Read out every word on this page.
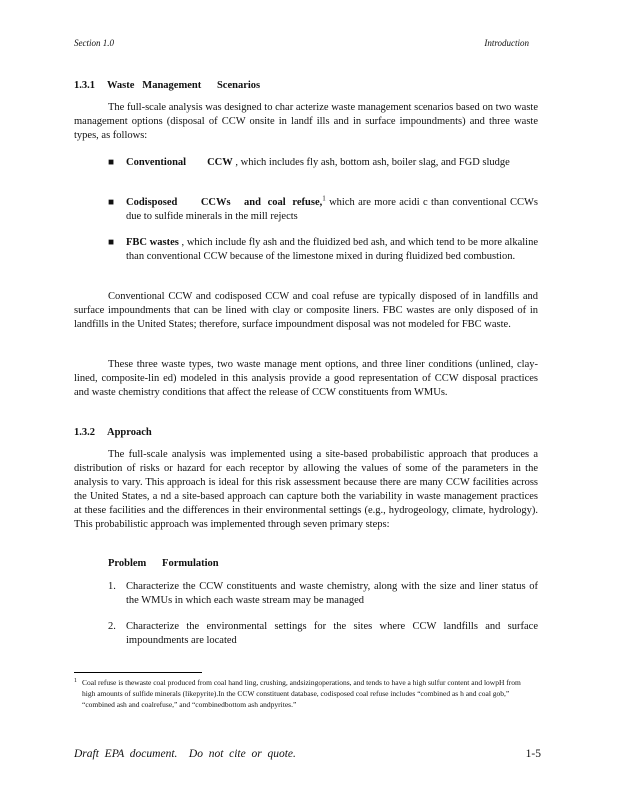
Section 1.0	Introduction
1.3.1 Waste   Management      Scenarios

The full-scale analysis was designed to char acterize waste management scenarios based on two waste management options (disposal of CCW onsite in landf ills and in surface impoundments) and three waste types, as follows:

■	Conventional        CCW , which includes fly ash, bottom ash, boiler slag, and FGD sludge
■	Codisposed       CCWs    and  coal  refuse,$^1$ which are more acidi c than conventional CCWs due to sulfide minerals in the mill rejects
■	FBC wastes , which include fly ash and the fluidized bed ash, and which tend to be more alkaline than conventional CCW because of the limestone mixed in during fluidized bed combustion.

Conventional CCW and codisposed CCW and coal refuse are typically disposed of in landfills and surface impoundments that can be lined with clay or composite liners. FBC wastes are only disposed of in landfills in the United States; therefore, surface impoundment disposal was not modeled for FBC waste.

These three waste types, two waste manage ment options, and three liner conditions (unlined, clay-lined, composite-lin ed) modeled in this analysis provide a good representation of CCW disposal practices and waste chemistry conditions that affect the release of CCW constituents from WMUs.

1.3.2 Approach

The full-scale analysis was implemented using a site-based probabilistic approach that produces a distribution of risks or hazard for each receptor by allowing the values of some of the parameters in the analysis to vary. This approach is ideal for this risk assessment because there are many CCW facilities across the United States, a nd a site-based approach can capture both the variability in waste management practices at these facilities and the differences in their environmental settings (e.g., hydrogeology, climate, hydrology). This probabilistic approach was implemented through seven primary steps:

Problem      Formulation
1. Characterize the CCW constituents and waste chemistry, along with the size and liner status of the WMUs in which each waste stream may be managed
2. Characterize the environmental settings for the sites where CCW landfills and surface impoundments are located
1 Coal refuse is thewaste coal produced from coal hand ling, crushing, andsizingoperations, and tends to have a high sulfur content and lowpH from high amounts of sulfide minerals (likepyrite).In the CCW constituent database, codisposed coal refuse includes “combined as h and coal gob,” “combined ash and coalrefuse,” and “combinedbottom ash andpyrites.”
Draft  EPA  document.    Do  not  cite  or  quote.	1-5
